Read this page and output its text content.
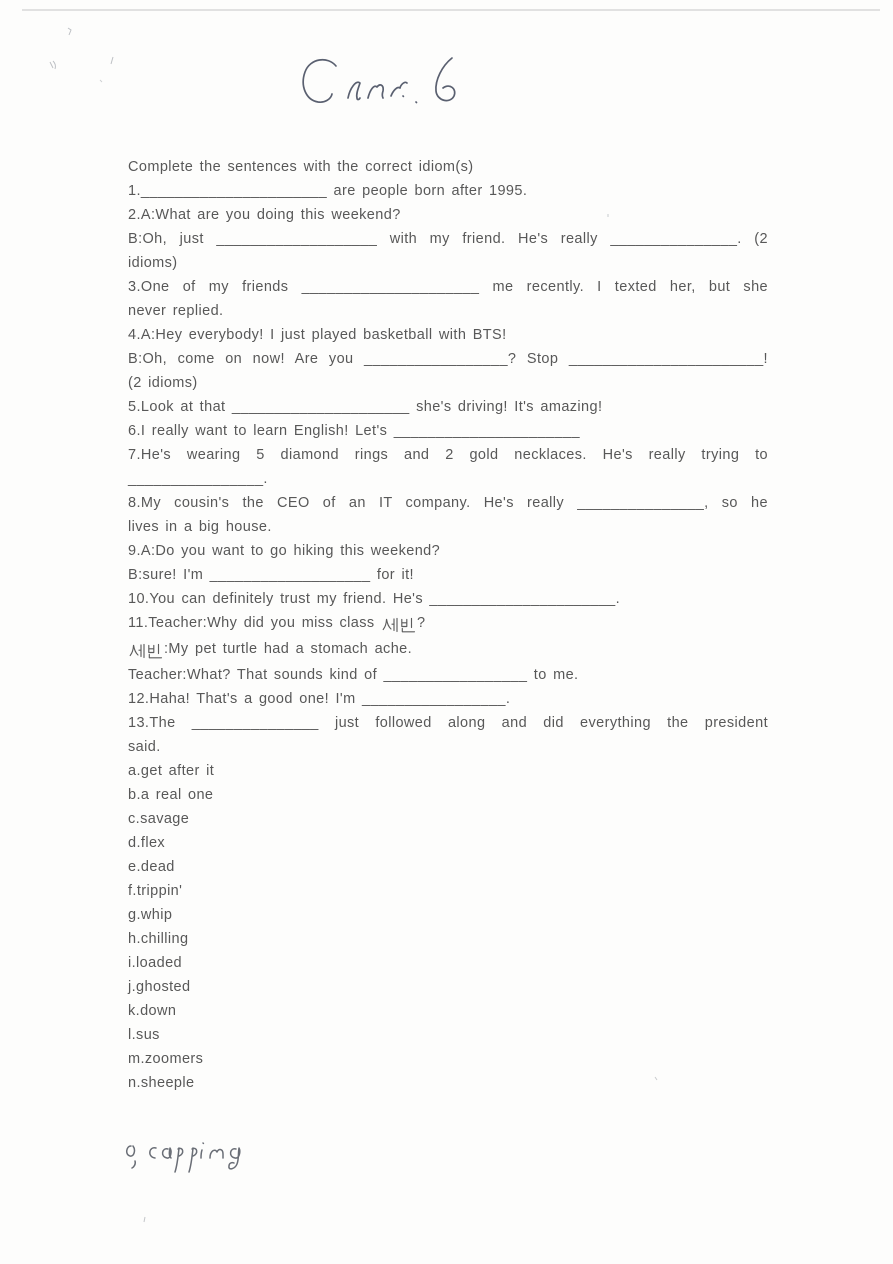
Complete the sentences with the correct idiom(s)

1.______________________ are people born after 1995.

2.A:What are you doing this weekend?

B:Oh, just ___________________ with my friend. He's really _______________. (2

idioms)

3.One of my friends _____________________ me recently. I texted her, but she

never replied.

4.A:Hey everybody! I just played basketball with BTS!

B:Oh, come on now! Are you _________________? Stop _______________________!

(2 idioms)

5.Look at that _____________________ she's driving! It's amazing!

6.I really want to learn English! Let's ______________________

7.He's wearing 5 diamond rings and 2 gold necklaces. He's really trying to

________________.

8.My cousin's the CEO of an IT company. He's really _______________, so he

lives in a big house.

9.A:Do you want to go hiking this weekend?

B:sure! I'm ___________________ for it!

10.You can definitely trust my friend. He's ______________________.

11.Teacher:Why did you miss class ?

:My pet turtle had a stomach ache.

Teacher:What? That sounds kind of _________________ to me.

12.Haha! That's a good one! I'm _________________.

13.The _______________ just followed along and did everything the president

said.

a.get after it

b.a real one

c.savage

d.flex

e.dead

f.trippin'

g.whip

h.chilling

i.loaded

j.ghosted

k.down

l.sus

m.zoomers

n.sheeple
